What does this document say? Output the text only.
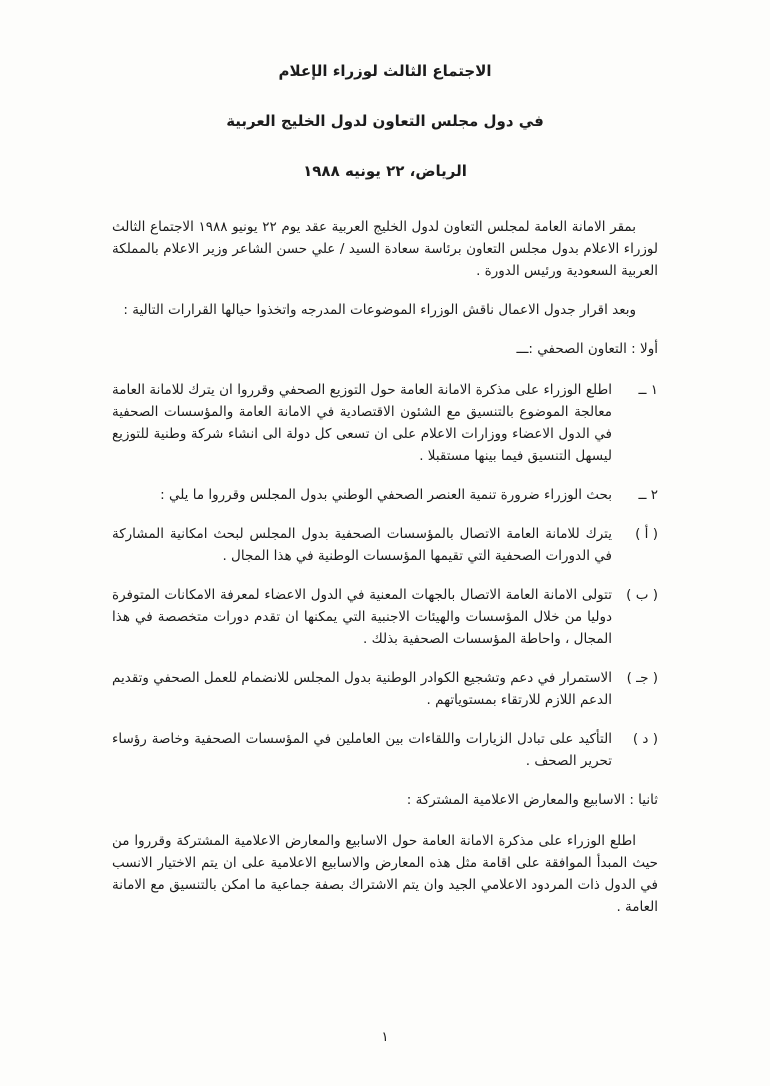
الاجتماع الثالث لوزراء الإعلام
في دول مجلس التعاون لدول الخليج العربية
الرياض، ٢٢ يونيه ١٩٨٨

بمقر الامانة العامة لمجلس التعاون لدول الخليج العربية عقد يوم ٢٢ يونيو ١٩٨٨ الاجتماع الثالث لوزراء الاعلام بدول مجلس التعاون برئاسة سعادة السيد / علي حسن الشاعر وزير الاعلام بالمملكة العربية السعودية ورئيس الدورة .

وبعد اقرار جدول الاعمال ناقش الوزراء الموضوعات المدرجه واتخذوا حيالها القرارات التالية :

أولا : التعاون الصحفي :ـــ

١ ــ
اطلع الوزراء على مذكرة الامانة العامة حول التوزيع الصحفي وقرروا ان يترك للامانة العامة معالجة الموضوع بالتنسيق مع الشئون الاقتصادية في الامانة العامة والمؤسسات الصحفية في الدول الاعضاء ووزارات الاعلام على ان تسعى كل دولة الى انشاء شركة وطنية للتوزيع ليسهل التنسيق فيما بينها مستقبلا .
٢ ــ
بحث الوزراء ضرورة تنمية العنصر الصحفي الوطني بدول المجلس وقرروا ما يلي :
( أ )
يترك للامانة العامة الاتصال بالمؤسسات الصحفية بدول المجلس لبحث امكانية المشاركة في الدورات الصحفية التي تقيمها المؤسسات الوطنية في هذا المجال .
( ب )
تتولى الامانة العامة الاتصال بالجهات المعنية في الدول الاعضاء لمعرفة الامكانات المتوفرة دوليا من خلال المؤسسات والهيئات الاجنبية التي يمكنها ان تقدم دورات متخصصة في هذا المجال ، واحاطة المؤسسات الصحفية بذلك .
( جـ )
الاستمرار في دعم وتشجيع الكوادر الوطنية بدول المجلس للانضمام للعمل الصحفي وتقديم الدعم اللازم للارتقاء بمستوياتهم .
( د )
التأكيد على تبادل الزيارات واللقاءات بين العاملين في المؤسسات الصحفية وخاصة رؤساء تحرير الصحف .

ثانيا : الاسابيع والمعارض الاعلامية المشتركة :

اطلع الوزراء على مذكرة الامانة العامة حول الاسابيع والمعارض الاعلامية المشتركة وقرروا من حيث المبدأ الموافقة على اقامة مثل هذه المعارض والاسابيع الاعلامية على ان يتم الاختيار الانسب في الدول ذات المردود الاعلامي الجيد وان يتم الاشتراك بصفة جماعية ما امكن بالتنسيق مع الامانة العامة .

١
